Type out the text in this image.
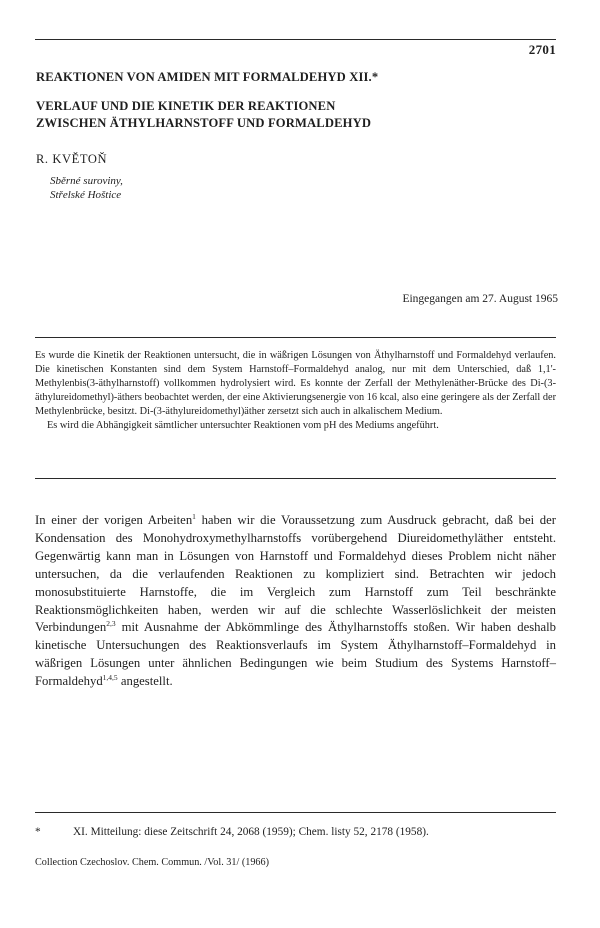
2701
REAKTIONEN VON AMIDEN MIT FORMALDEHYD XII.*
VERLAUF UND DIE KINETIK DER REAKTIONEN
ZWISCHEN ÄTHYLHARNSTOFF UND FORMALDEHYD
R. KVĚTOŇ
Sběrné suroviny,
Střelské Hoštice
Eingegangen am 27. August 1965

Es wurde die Kinetik der Reaktionen untersucht, die in wäßrigen Lösungen von Äthylharnstoff und Formaldehyd verlaufen. Die kinetischen Konstanten sind dem System Harnstoff–Formaldehyd analog, nur mit dem Unterschied, daß 1,1'-Methylenbis(3-äthylharnstoff) vollkommen hydrolysiert wird. Es konnte der Zerfall der Methylenäther-Brücke des Di-(3-äthylureidomethyl)-äthers beobachtet werden, der eine Aktivierungsenergie von 16 kcal, also eine geringere als der Zerfall der Methylenbrücke, besitzt. Di-(3-äthylureidomethyl)äther zersetzt sich auch in alkalischem Medium.

Es wird die Abhängigkeit sämtlicher untersuchter Reaktionen vom pH des Mediums angeführt.

In einer der vorigen Arbeiten$^1$ haben wir die Voraussetzung zum Ausdruck gebracht, daß bei der Kondensation des Monohydroxymethylharnstoffs vorübergehend Diureidomethyläther entsteht. Gegenwärtig kann man in Lösungen von Harnstoff und Formaldehyd dieses Problem nicht näher untersuchen, da die verlaufenden Reaktionen zu kompliziert sind. Betrachten wir jedoch monosubstituierte Harnstoffe, die im Vergleich zum Harnstoff zum Teil beschränkte Reaktionsmöglichkeiten haben, werden wir auf die schlechte Wasserlöslichkeit der meisten Verbindungen$^{2,3}$ mit Ausnahme der Abkömmlinge des Äthylharnstoffs stoßen. Wir haben deshalb kinetische Untersuchungen des Reaktionsverlaufs im System Äthylharnstoff–Formaldehyd in wäßrigen Lösungen unter ähnlichen Bedingungen wie beim Studium des Systems Harnstoff–Formaldehyd$^{1,4,5}$ angestellt.

*	XI. Mitteilung: diese Zeitschrift 24, 2068 (1959); Chem. listy 52, 2178 (1958).
Collection Czechoslov. Chem. Commun. /Vol. 31/ (1966)
